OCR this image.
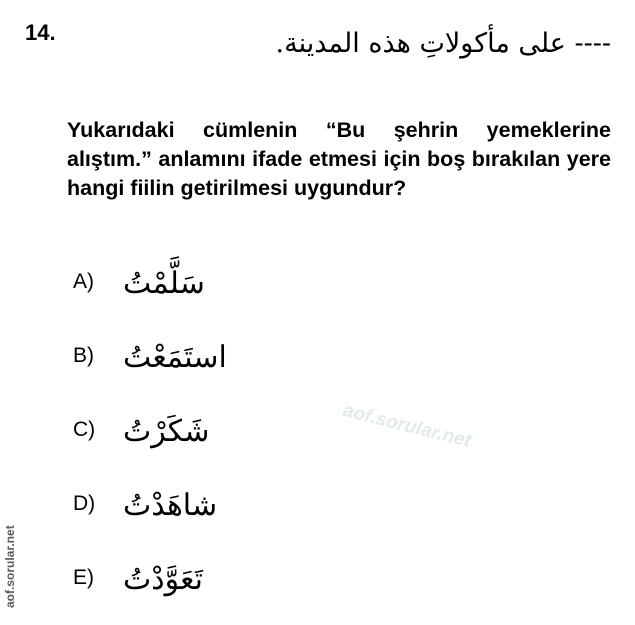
14.	---- على مأكولاتِ هذه المدينة.
Yukarıdaki cümlenin “Bu şehrin yemeklerine alıştım.” anlamını ifade etmesi için boş bırakılan yere hangi fiilin getirilmesi uygundur?
A) سَلَّمْتُ
B) استَمَعْتُ
C) شَكَرْتُ
D) شاهَدْتُ
E) تَعَوَّدْتُ
aof.sorular.net
aof.sorular.net
